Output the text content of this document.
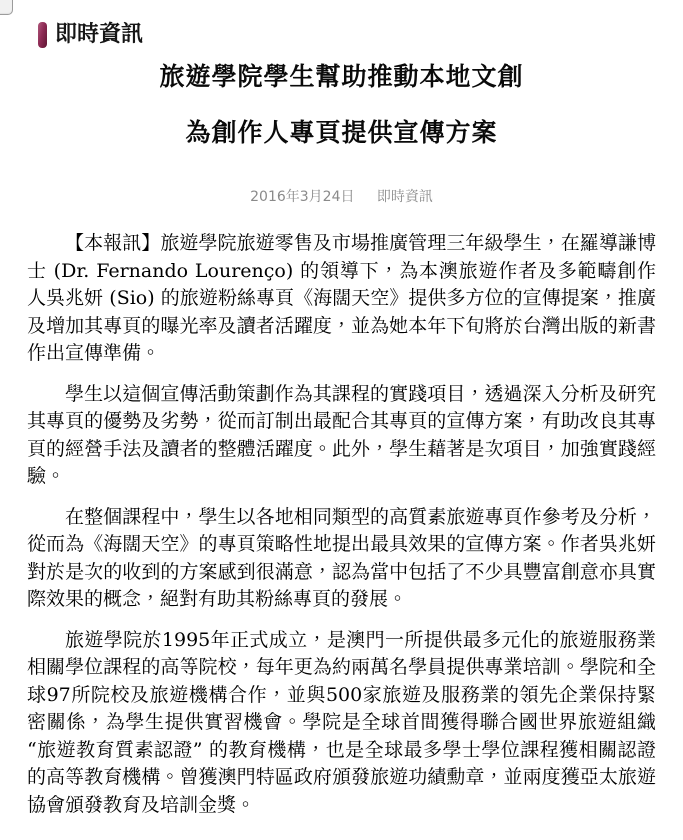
即時資訊
旅遊學院學生幫助推動本地文創
為創作人專頁提供宣傳方案
2016年3月24日 即時資訊

【本報訊】旅遊學院旅遊零售及市場推廣管理三年級學生，在羅導謙博士 (Dr. Fernando Lourenço) 的領導下，為本澳旅遊作者及多範疇創作人吳兆妍 (Sio) 的旅遊粉絲專頁《海闊天空》提供多方位的宣傳提案，推廣及增加其專頁的曝光率及讀者活躍度，並為她本年下旬將於台灣出版的新書作出宣傳準備。

學生以這個宣傳活動策劃作為其課程的實踐項目，透過深入分析及研究其專頁的優勢及劣勢，從而訂制出最配合其專頁的宣傳方案，有助改良其專頁的經營手法及讀者的整體活躍度。此外，學生藉著是次項目，加強實踐經驗。

在整個課程中，學生以各地相同類型的高質素旅遊專頁作參考及分析，從而為《海闊天空》的專頁策略性地提出最具效果的宣傳方案。作者吳兆妍對於是次的收到的方案感到很滿意，認為當中包括了不少具豐富創意亦具實際效果的概念，絕對有助其粉絲專頁的發展。

旅遊學院於1995年正式成立，是澳門一所提供最多元化的旅遊服務業相關學位課程的高等院校，每年更為約兩萬名學員提供專業培訓。學院和全球97所院校及旅遊機構合作，並與500家旅遊及服務業的領先企業保持緊密關係，為學生提供實習機會。學院是全球首間獲得聯合國世界旅遊組織 “旅遊教育質素認證” 的教育機構，也是全球最多學士學位課程獲相關認證的高等教育機構。曾獲澳門特區政府頒發旅遊功績勳章，並兩度獲亞太旅遊協會頒發教育及培訓金獎。
